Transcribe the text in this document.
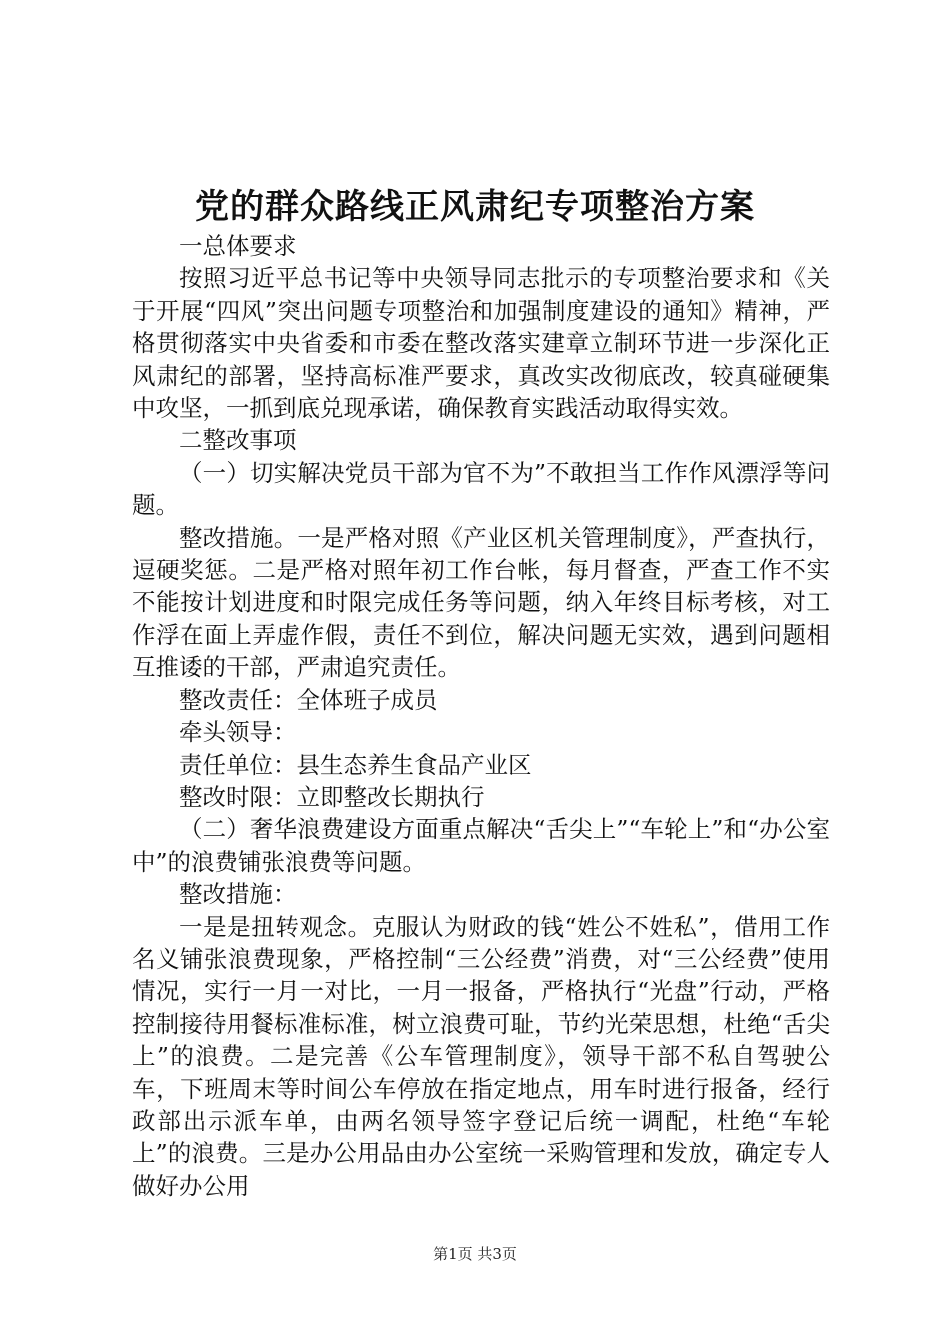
党的群众路线正风肃纪专项整治方案

一总体要求

按照习近平总书记等中央领导同志批示的专项整治要求和《关于开展“四风”突出问题专项整治和加强制度建设的通知》精神，严格贯彻落实中央省委和市委在整改落实建章立制环节进一步深化正风肃纪的部署，坚持高标准严要求，真改实改彻底改，较真碰硬集中攻坚，一抓到底兑现承诺，确保教育实践活动取得实效。

二整改事项

（一）切实解决党员干部为官不为”不敢担当工作作风漂浮等问题。

整改措施。一是严格对照《产业区机关管理制度》，严查执行，逗硬奖惩。二是严格对照年初工作台帐，每月督查，严查工作不实不能按计划进度和时限完成任务等问题，纳入年终目标考核，对工作浮在面上弄虚作假，责任不到位，解决问题无实效，遇到问题相互推诿的干部，严肃追究责任。

整改责任：全体班子成员

牵头领导：

责任单位：县生态养生食品产业区

整改时限：立即整改长期执行

（二）奢华浪费建设方面重点解决“舌尖上”“车轮上”和“办公室中”的浪费铺张浪费等问题。

整改措施：

一是是扭转观念。克服认为财政的钱“姓公不姓私”，借用工作名义铺张浪费现象，严格控制“三公经费”消费，对“三公经费”使用情况，实行一月一对比，一月一报备，严格执行“光盘”行动，严格控制接待用餐标准标准，树立浪费可耻，节约光荣思想，杜绝“舌尖上”的浪费。二是完善《公车管理制度》，领导干部不私自驾驶公车，下班周末等时间公车停放在指定地点，用车时进行报备，经行政部出示派车单，由两名领导签字登记后统一调配，杜绝“车轮上”的浪费。三是办公用品由办公室统一采购管理和发放，确定专人做好办公用

第1页 共3页
